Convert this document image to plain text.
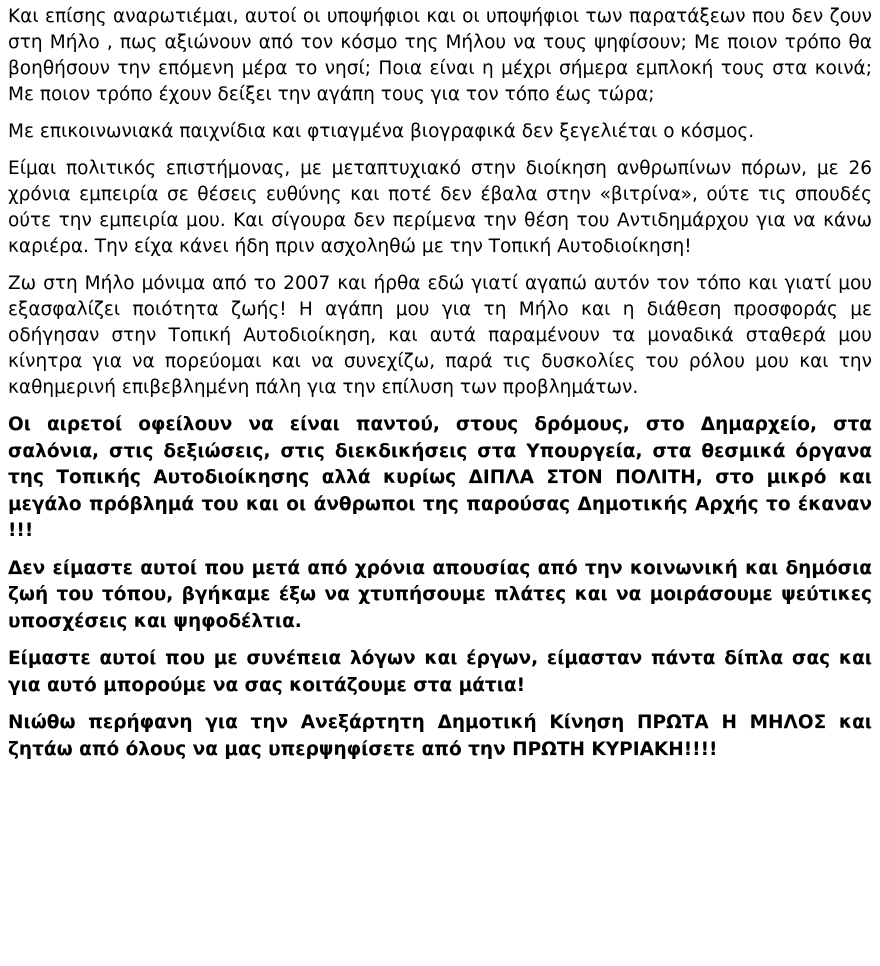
Και επίσης αναρωτιέμαι, αυτοί οι υποψήφιοι και οι υποψήφιοι των παρατάξεων που δεν ζουν στη Μήλο , πως αξιώνουν από τον κόσμο της Μήλου να τους ψηφίσουν; Με ποιον τρόπο θα βοηθήσουν την επόμενη μέρα το νησί; Ποια είναι η μέχρι σήμερα εμπλοκή τους στα κοινά; Με ποιον τρόπο έχουν δείξει την αγάπη τους για τον τόπο έως τώρα;

Με επικοινωνιακά παιχνίδια και φτιαγμένα βιογραφικά δεν ξεγελιέται ο κόσμος.

Είμαι πολιτικός επιστήμονας, με μεταπτυχιακό στην διοίκηση ανθρωπίνων πόρων, με 26 χρόνια εμπειρία σε θέσεις ευθύνης και ποτέ δεν έβαλα στην «βιτρίνα», ούτε τις σπουδές ούτε την εμπειρία μου. Και σίγουρα δεν περίμενα την θέση του Αντιδημάρχου για να κάνω καριέρα. Την είχα κάνει ήδη πριν ασχοληθώ με την Τοπική Αυτοδιοίκηση!

Ζω στη Μήλο μόνιμα από το 2007 και ήρθα εδώ γιατί αγαπώ αυτόν τον τόπο και γιατί μου εξασφαλίζει ποιότητα ζωής! Η αγάπη μου για τη Μήλο και η διάθεση προσφοράς με οδήγησαν στην Τοπική Αυτοδιοίκηση, και αυτά παραμένουν τα μοναδικά σταθερά μου κίνητρα για να πορεύομαι και να συνεχίζω, παρά τις δυσκολίες του ρόλου μου και την καθημερινή επιβεβλημένη πάλη για την επίλυση των προβλημάτων.

Οι αιρετοί οφείλουν να είναι παντού, στους δρόμους, στο Δημαρχείο, στα σαλόνια, στις δεξιώσεις, στις διεκδικήσεις στα Υπουργεία, στα θεσμικά όργανα της Τοπικής Αυτοδιοίκησης αλλά κυρίως ΔΙΠΛΑ ΣΤΟΝ ΠΟΛΙΤΗ, στο μικρό και μεγάλο πρόβλημά του και οι άνθρωποι της παρούσας Δημοτικής Αρχής το έκαναν !!!

Δεν είμαστε αυτοί που μετά από χρόνια απουσίας από την κοινωνική και δημόσια ζωή του τόπου, βγήκαμε έξω να χτυπήσουμε πλάτες και να μοιράσουμε ψεύτικες υποσχέσεις και ψηφοδέλτια.

Είμαστε αυτοί που με συνέπεια λόγων και έργων, είμασταν πάντα δίπλα σας και για αυτό μπορούμε να σας κοιτάζουμε στα μάτια!

Νιώθω περήφανη για την Ανεξάρτητη Δημοτική Κίνηση ΠΡΩΤΑ Η ΜΗΛΟΣ και ζητάω από όλους να μας υπερψηφίσετε από την ΠΡΩΤΗ ΚΥΡΙΑΚΗ!!!!
